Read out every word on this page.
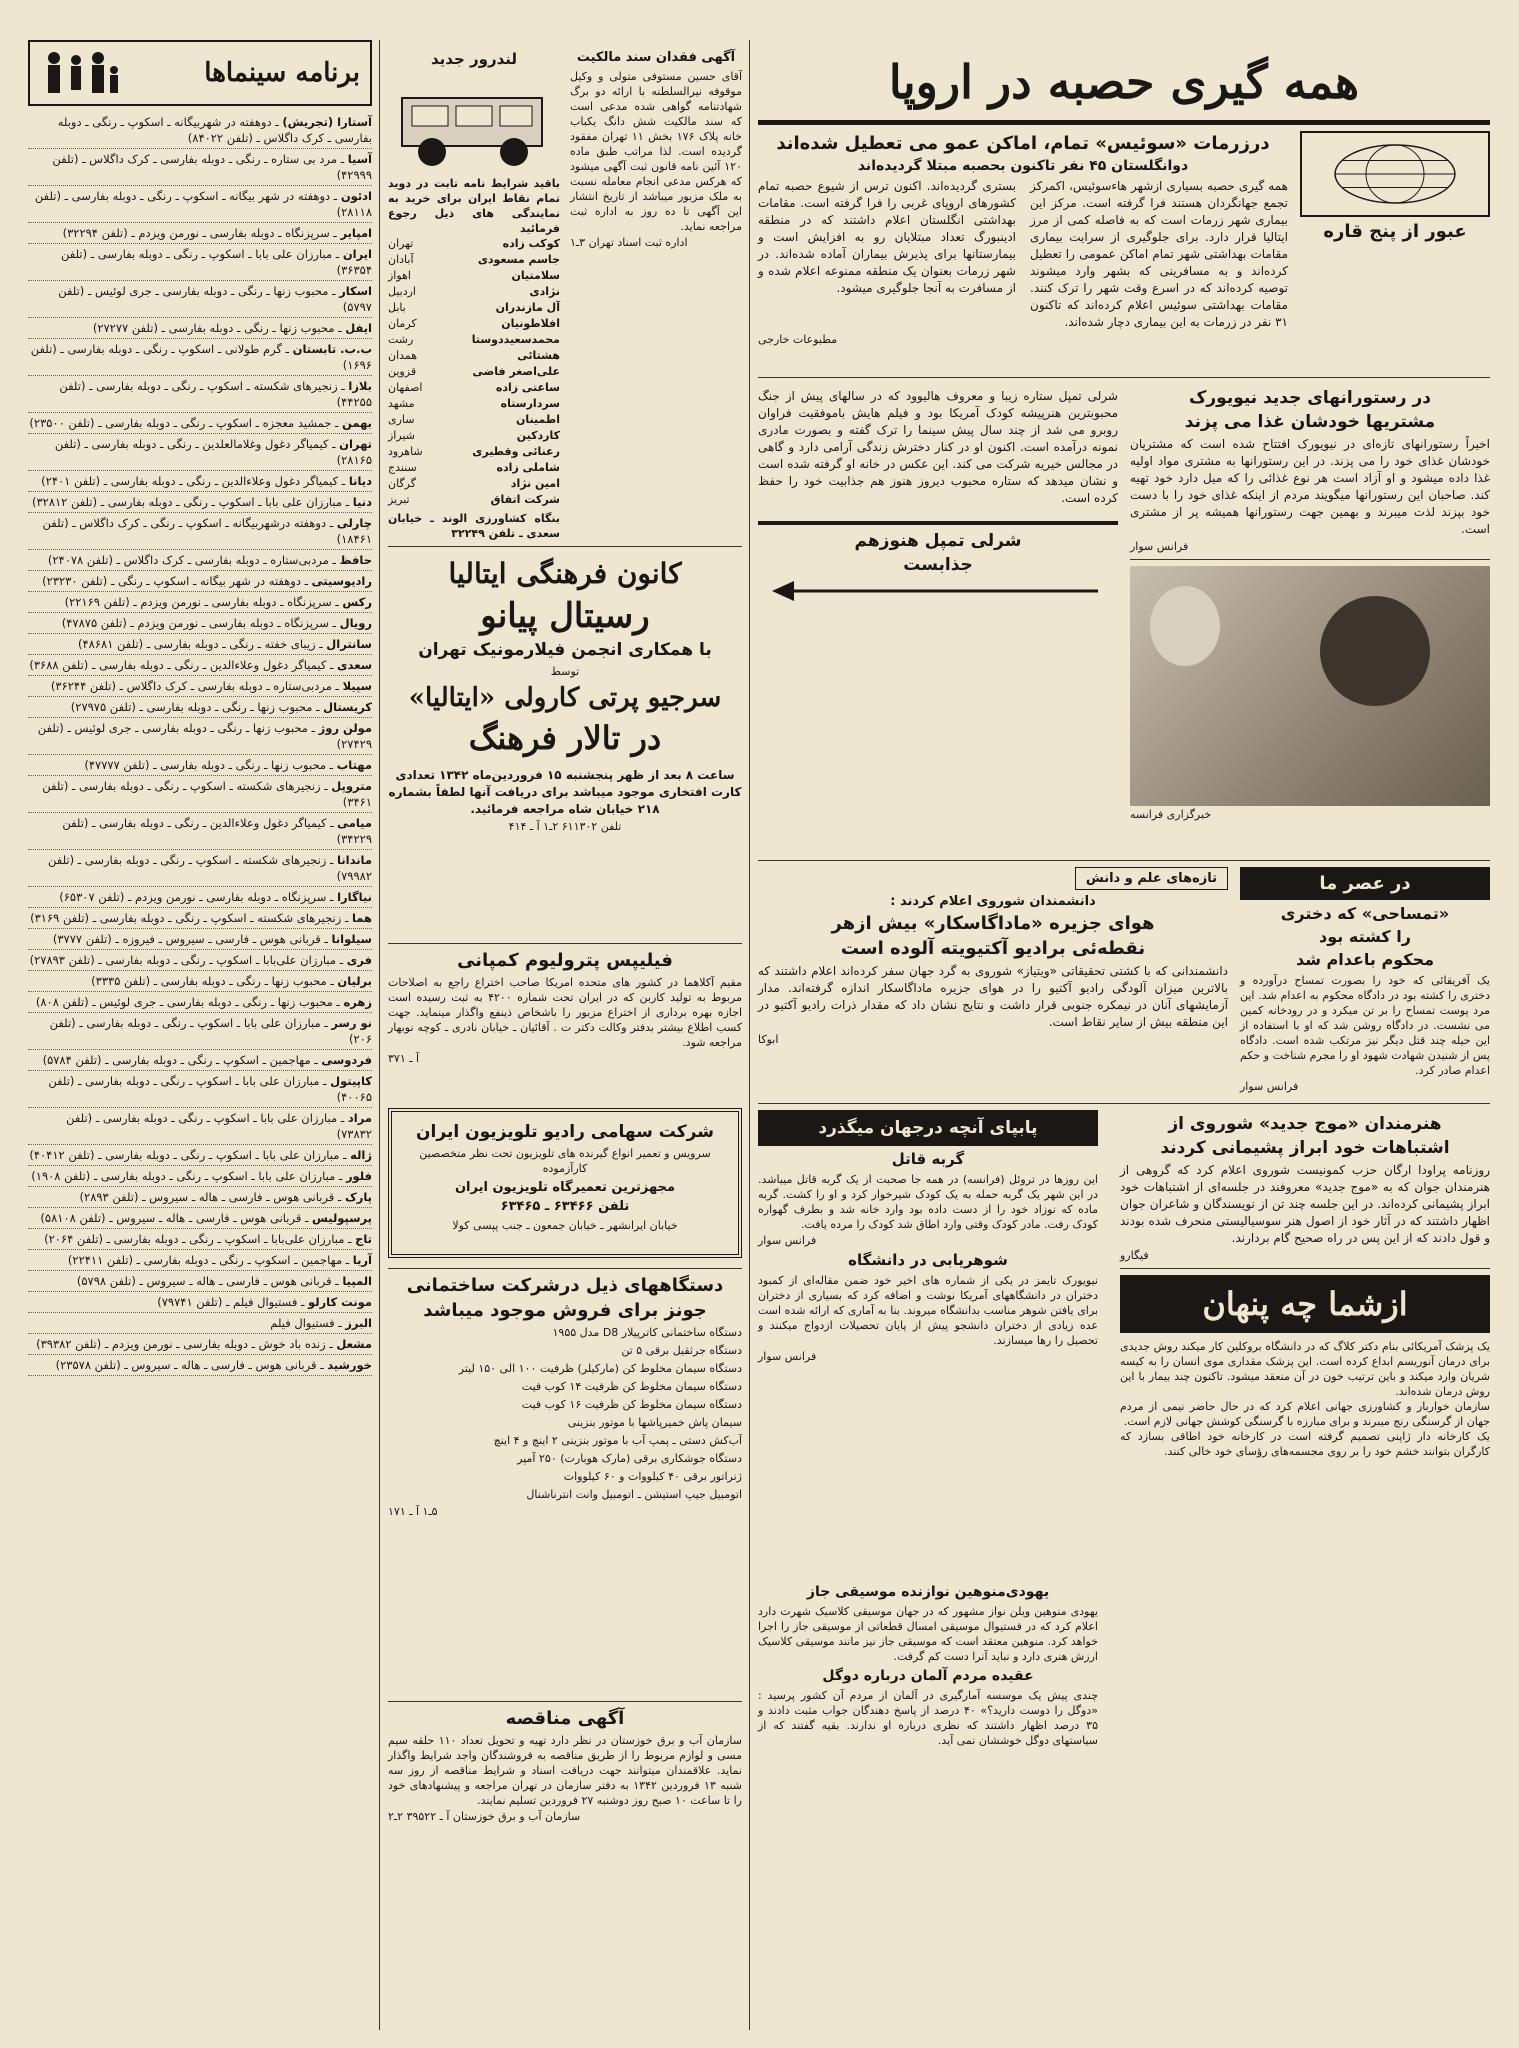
همه گیری حصبه در اروپا

عبور از پنج قاره

درزرمات «سوئیس» تمام، اماکن عمو می تعطیل شده‌اند

دوانگلستان ۴۵ نفر تاکنون بحصبه مبتلا گردیده‌اند

همه گیری حصبه بسیاری ازشهر هاءسوئیس، اکمرکز تجمع جهانگردان هستند فرا گرفته است. مرکز این بیماری شهر زرمات است که به فاصله کمی از مرز ایتالیا قرار دارد. برای جلوگیری از سرایت بیماری مقامات بهداشتی شهر تمام اماکن عمومی را تعطیل کرده‌اند و به مسافرینی که بشهر وارد میشوند توصیه کرده‌اند که در اسرع وقت شهر را ترک کنند. مقامات بهداشتی سوئیس اعلام کرده‌اند که تاکنون ۳۱ نفر در زرمات به این بیماری دچار شده‌اند.

بستری گردیده‌اند. اکنون ترس از شیوع حصبه تمام کشورهای اروپای غربی را فرا گرفته است. مقامات بهداشتی انگلستان اعلام داشتند که در منطقه ادینبورگ تعداد مبتلایان رو به افزایش است و بیمارستانها برای پذیرش بیماران آماده شده‌اند. در شهر زرمات بعنوان یک منطقه ممنوعه اعلام شده و از مسافرت به آنجا جلوگیری میشود.

مطبوعات خارجی

در رستورانهای جدید نیویورک

مشتریها خودشان غذا می پزند

اخیراً رستورانهای تازه‌ای در نیویورک افتتاح شده است که مشتریان خودشان غذای خود را می پزند. در این رستورانها به مشتری مواد اولیه غذا داده میشود و او آزاد است هر نوع غذائی را که میل دارد خود تهیه کند. صاحبان این رستورانها میگویند مردم از اینکه غذای خود را با دست خود بپزند لذت میبرند و بهمین جهت رستورانها همیشه پر از مشتری است.

فرانس سوار

خبرگزاری فرانسه

شرلی تمپل ستاره زیبا و معروف هالیوود که در سالهای پیش از جنگ محبوبترین هنرپیشه کودک آمریکا بود و فیلم هایش باموفقیت فراوان روبرو می شد از چند سال پیش سینما را ترک گفته و بصورت مادری نمونه درآمده است. اکنون او در کنار دخترش زندگی آرامی دارد و گاهی در مجالس خیریه شرکت می کند. این عکس در خانه او گرفته شده است و نشان میدهد که ستاره محبوب دیروز هنوز هم جذابیت خود را حفظ کرده است.

شرلی تمپل هنوزهم

جذابست

در عصر ما

«تمساحی» که دختری

را کشته بود

محکوم باعدام شد

یک آفریقائی که خود را بصورت تمساح درآورده و دختری را کشته بود در دادگاه محکوم به اعدام شد. این مرد پوست تمساح را بر تن میکرد و در رودخانه کمین می نشست. در دادگاه روشن شد که او با استفاده از این حیله چند قتل دیگر نیز مرتکب شده است. دادگاه پس از شنیدن شهادت شهود او را مجرم شناخت و حکم اعدام صادر کرد.

فرانس سوار

تازه‌های علم و دانش

دانشمندان شوروی اعلام کردند :

هوای جزیره «ماداگاسکار» بیش ازهر

نقطه‌ئی برادیو آکتیویته آلوده است

دانشمندانی که با کشتی تحقیقاتی «ویتیاز» شوروی به گرد جهان سفر کرده‌اند اعلام داشتند که بالاترین میزان آلودگی رادیو آکتیو را در هوای جزیره ماداگاسکار اندازه گرفته‌اند. مدار آزمایشهای آنان در نیمکره جنوبی قرار داشت و نتایج نشان داد که مقدار ذرات رادیو آکتیو در این منطقه بیش از سایر نقاط است.

ابوکا

هنرمندان «موج جدید» شوروی از

اشتباهات خود ابراز پشیمانی کردند

روزنامه پراودا ارگان حزب کمونیست شوروی اعلام کرد که گروهی از هنرمندان جوان که به «موج جدید» معروفند در جلسه‌ای از اشتباهات خود ابراز پشیمانی کرده‌اند. در این جلسه چند تن از نویسندگان و شاعران جوان اظهار داشتند که در آثار خود از اصول هنر سوسیالیستی منحرف شده بودند و قول دادند که از این پس در راه صحیح گام بردارند.

فیگارو

ازشما چه پنهان

یک پزشک آمریکائی بنام دکتر کلاگ که در دانشگاه بروکلین کار میکند روش جدیدی برای درمان آنوریسم ابداع کرده است. این پزشک مقداری موی انسان را به کیسه شریان وارد میکند و باین ترتیب خون در آن منعقد میشود. تاکنون چند بیمار با این روش درمان شده‌اند.
سازمان خواربار و کشاورزی جهانی اعلام کرد که در حال حاضر نیمی از مردم جهان از گرسنگی رنج میبرند و برای مبارزه با گرسنگی کوشش جهانی لازم است.
یک کارخانه دار ژاپنی تصمیم گرفته است در کارخانه خود اطاقی بسازد که کارگران بتوانند خشم خود را بر روی مجسمه‌های رؤسای خود خالی کنند.

پابپای آنچه درجهان میگذرد

گربه قاتل

این روزها در تروئل (فرانسه) در همه جا صحبت از یک گربه قاتل میباشد. در این شهر یک گربه حمله به یک کودک شیرخوار کرد و او را کشت. گربه ماده که نوزاد خود را از دست داده بود وارد خانه شد و بطرف گهواره کودک رفت. مادر کودک وقتی وارد اطاق شد کودک را مرده یافت.

فرانس سوار

شوهریابی در دانشگاه

نیویورک تایمز در یکی از شماره های اخیر خود ضمن مقاله‌ای از کمبود دختران در دانشگاههای آمریکا نوشت و اضافه کرد که بسیاری از دختران برای یافتن شوهر مناسب بدانشگاه میروند. بنا به آماری که ارائه شده است عده زیادی از دختران دانشجو پیش از پایان تحصیلات ازدواج میکنند و تحصیل را رها میسازند.

فرانس سوار

یهودی‌منوهین نوازنده موسیقی جاز

یهودی منوهین ویلن نواز مشهور که در جهان موسیقی کلاسیک شهرت دارد اعلام کرد که در فستیوال موسیقی امسال قطعاتی از موسیقی جاز را اجرا خواهد کرد. منوهین معتقد است که موسیقی جاز نیز مانند موسیقی کلاسیک ارزش هنری دارد و نباید آنرا دست کم گرفت.

عقیده مردم آلمان درباره دوگل

چندی پیش یک موسسه آمارگیری در آلمان از مردم آن کشور پرسید : «دوگل را دوست دارید؟» ۴۰ درصد از پاسخ دهندگان جواب مثبت دادند و ۳۵ درصد اظهار داشتند که نظری درباره او ندارند. بقیه گفتند که از سیاستهای دوگل خوششان نمی آید.

آگهی فقدان سند مالکیت

آقای حسین مستوفی متولی و وکیل موقوفه نیرالسلطنه با ارائه دو برگ شهادتنامه گواهی شده مدعی است که سند مالکیت شش دانگ یکباب خانه پلاک ۱۷۶ بخش ۱۱ تهران مفقود گردیده است. لذا مراتب طبق ماده ۱۲۰ آئین نامه قانون ثبت آگهی میشود که هرکس مدعی انجام معامله نسبت به ملک مزبور میباشد از تاریخ انتشار این آگهی تا ده روز به اداره ثبت مراجعه نماید.

اداره ثبت اسناد تهران ۳ـ۱

لندرور جدید

باقید شرایط نامه تابت در دوید تمام نقاط ایران برای خرید به نمایندگی های ذیل رجوع فرمائید

کوکب زاده
تهران
جاسم مسعودی
آبادان
سلامتیان
اهواز
نژادی
اردبیل
آل مازندران
بابل
افلاطونیان
کرمان
محمدسعیددوستا
رشت
هشتائی
همدان
علی‌اصغر فاضی
قزوین
ساعتی زاده
اصفهان
سردارستاه
مشهد
اطمینان
ساری
کاردکین
شیراز
رعنائی وقطیری
شاهرود
شاملی زاده
سنندج
امین نژاد
گرگان
شرکت اتفاق
تبریز

بنگاه کشاورزی الوند ـ خیابان سعدی ـ تلفن ۳۲۲۴۹

کانون فرهنگی ایتالیا

رسیتال پیانو

با همکاری انجمن فیلارمونیک تهران

توسط

سرجیو پرتی کارولی «ایتالیا»

در تالار فرهنگ

ساعت ۸ بعد از ظهر پنجشنبه ۱۵ فروردین‌ماه ۱۳۴۲ تعدادی کارت افتخاری موجود میباشد برای دریافت آنها لطفاً بشماره ۲۱۸ خیابان شاه مراجعه فرمائید.

تلفن ۶۱۱۳۰۲ ۲ـ۱ آ ـ ۴۱۴

فیلیپس پترولیوم کمپانی

مقیم آکلاهما در کشور های متحده امریکا صاحب اختراع راجع به اصلاحات مربوط به تولید کاربن که در ایران تحت شماره ۴۲۰۰ به ثبت رسیده است اجازه بهره برداری از اختراع مزبور را باشخاص ذینفع واگذار مینماید. جهت کسب اطلاع بیشتر بدفتر وکالت دکتر ت . آقائیان ـ خیابان نادری ـ کوچه نوبهار مراجعه شود.

آ ـ ۳۷۱

شرکت سهامی رادیو تلویزیون ایران

سرویس و تعمیر انواع گیرنده های تلویزیون تحت نظر متخصصین کارآزموده

مجهزترین تعمیرگاه تلویزیون ایران

تلفن ۶۳۴۶۶ ـ ۶۳۴۶۵

خیابان ایرانشهر ـ خیابان جمعون ـ جنب پپسی کولا

دستگاههای ذیل درشرکت ساختمانی

جونز برای فروش موجود میباشد

دستگاه ساختمانی کاترپیلار D8 مدل ۱۹۵۵

دستگاه جرثقیل برقی ۵ تن

دستگاه سیمان مخلوط کن (مارکیلر) ظرفیت ۱۰۰ الی ۱۵۰ لیتر

دستگاه سیمان مخلوط کن ظرفیت ۱۴ کوب فیت

دستگاه سیمان مخلوط کن ظرفیت ۱۶ کوب فیت

سیمان پاش خمیرپاشها با موتور بنزینی

آب‌کش دستی ـ پمپ آب با موتور بنزینی ۲ اینچ و ۴ اینچ

دستگاه جوشکاری برقی (مارک هوبارت) ۲۵۰ آمپر

ژنراتور برقی ۴۰ کیلووات و ۶۰ کیلووات

اتومبیل جیپ استیشن ـ اتومبیل وانت انترناشنال

۵ـ۱ آ ـ ۱۷۱

آگهی مناقصه

سازمان آب و برق خوزستان در نظر دارد تهیه و تحویل تعداد ۱۱۰ حلقه سیم مسی و لوازم مربوط را از طریق مناقصه به فروشندگان واجد شرایط واگذار نماید. علاقمندان میتوانند جهت دریافت اسناد و شرایط مناقصه از روز سه شنبه ۱۳ فروردین ۱۳۴۲ به دفتر سازمان در تهران مراجعه و پیشنهادهای خود را تا ساعت ۱۰ صبح روز دوشنبه ۲۷ فروردین تسلیم نمایند.

سازمان آب و برق خوزستان آ ـ ۳۹۵۲۲ ۲ـ۲

برنامه سینماها
آستارا (تجریش) ـ دوهفته در شهربیگانه ـ اسکوپ ـ رنگی ـ دوبله بفارسی ـ کرک داگلاس ـ (تلفن ۸۴۰۲۲)
آسیا ـ مرد بی ستاره ـ رنگی ـ دوبله بفارسی ـ کرک داگلاس ـ (تلفن ۴۲۹۹۹)
ادئون ـ دوهفته در شهر بیگانه ـ اسکوپ ـ رنگی ـ دوبله بفارسی ـ (تلفن ۲۸۱۱۸)
امپایر ـ سرپزنگاه ـ دوبله بفارسی ـ نورمن ویزدم ـ (تلفن ۳۲۲۹۴)
ایران ـ مبارزان علی بابا ـ اسکوپ ـ رنگی ـ دوبله بفارسی ـ (تلفن ۳۶۳۵۴)
اسکار ـ محبوب زنها ـ رنگی ـ دوبله بفارسی ـ جری لوئیس ـ (تلفن ۵۷۹۷)
ایفل ـ محبوب زنها ـ رنگی ـ دوبله بفارسی ـ (تلفن ۲۷۲۷۷)
ب.ب. تابستان ـ گرم طولانی ـ اسکوپ ـ رنگی ـ دوبله بفارسی ـ (تلفن ۱۶۹۶)
بلازا ـ زنجیرهای شکسته ـ اسکوپ ـ رنگی ـ دوبله بفارسی ـ (تلفن ۴۴۲۵۵)
بهمن ـ جمشید معجزه ـ اسکوپ ـ رنگی ـ دوبله بفارسی ـ (تلفن ۲۳۵۰۰)
تهران ـ کیمیاگر دغول وغلامالعلدین ـ رنگی ـ دوبله بفارسی ـ (تلفن ۲۸۱۶۵)
دیانا ـ کیمیاگر دغول وعلاءالدین ـ رنگی ـ دوبله بفارسی ـ (تلفن ۲۴۰۱)
دنیا ـ مبارزان علی بابا ـ اسکوپ ـ رنگی ـ دوبله بفارسی ـ (تلفن ۳۲۸۱۲)
چارلی ـ دوهفته درشهربیگانه ـ اسکوپ ـ رنگی ـ کرک داگلاس ـ (تلفن ۱۸۴۶۱)
حافظ ـ مردبی‌ستاره ـ دوبله بفارسی ـ کرک داگلاس ـ (تلفن ۲۴۰۷۸)
رادیوسیتی ـ دوهفته در شهر بیگانه ـ اسکوپ ـ رنگی ـ (تلفن ۲۳۲۳۰)
رکس ـ سرپزنگاه ـ دوبله بفارسی ـ نورمن ویزدم ـ (تلفن ۲۲۱۶۹)
رویال ـ سرپزنگاه ـ دوبله بفارسی ـ نورمن ویزدم ـ (تلفن ۴۷۸۷۵)
سانترال ـ زیبای خفته ـ رنگی ـ دوبله بفارسی ـ (تلفن ۴۸۶۸۱)
سعدی ـ کیمیاگر دغول وعلاءالدین ـ رنگی ـ دوبله بفارسی ـ (تلفن ۳۶۸۸)
سپیلا ـ مردبی‌ستاره ـ دوبله بفارسی ـ کرک داگلاس ـ (تلفن ۳۶۲۴۴)
کریستال ـ محبوب زنها ـ رنگی ـ دوبله بفارسی ـ (تلفن ۲۷۹۷۵)
مولن روژ ـ محبوب زنها ـ رنگی ـ دوبله بفارسی ـ جری لوئیس ـ (تلفن ۲۷۴۲۹)
مهتاب ـ محبوب زنها ـ رنگی ـ دوبله بفارسی ـ (تلفن ۴۷۷۷۷)
متروپل ـ زنجیرهای شکسته ـ اسکوپ ـ رنگی ـ دوبله بفارسی ـ (تلفن ۳۴۶۱)
میامی ـ کیمیاگر دغول وعلاءالدین ـ رنگی ـ دوبله بفارسی ـ (تلفن ۳۴۲۲۹)
ماندانا ـ زنجیرهای شکسته ـ اسکوپ ـ رنگی ـ دوبله بفارسی ـ (تلفن ۷۹۹۸۲)
نیاگارا ـ سرپزنگاه ـ دوبله بفارسی ـ نورمن ویزدم ـ (تلفن ۶۵۳۰۷)
هما ـ زنجیرهای شکسته ـ اسکوپ ـ رنگی ـ دوبله بفارسی ـ (تلفن ۳۱۶۹)
سیلوانا ـ قربانی هوس ـ فارسی ـ سیروس ـ فیروزه ـ (تلفن ۳۷۷۷)
فری ـ مبارزان علی‌بابا ـ اسکوپ ـ رنگی ـ دوبله بفارسی ـ (تلفن ۲۷۸۹۳)
برلیان ـ محبوب زنها ـ رنگی ـ دوبله بفارسی ـ (تلفن ۳۳۳۵)
زهره ـ محبوب زنها ـ رنگی ـ دوبله بفارسی ـ جری لوئیس ـ (تلفن ۸۰۸)
نو رسر ـ مبارزان علی بابا ـ اسکوپ ـ رنگی ـ دوبله بفارسی ـ (تلفن ۲۰۶)
فردوسی ـ مهاجمین ـ اسکوپ ـ رنگی ـ دوبله بفارسی ـ (تلفن ۵۷۸۴)
کاپیتول ـ مبارزان علی بابا ـ اسکوپ ـ رنگی ـ دوبله بفارسی ـ (تلفن ۴۰۰۶۵)
مراد ـ مبارزان علی بابا ـ اسکوپ ـ رنگی ـ دوبله بفارسی ـ (تلفن ۷۳۸۳۲)
ژاله ـ مبارزان علی بابا ـ اسکوپ ـ رنگی ـ دوبله بفارسی ـ (تلفن ۴۰۴۱۲)
فلور ـ مبارزان علی بابا ـ اسکوپ ـ رنگی ـ دوبله بفارسی ـ (تلفن ۱۹۰۸)
پارک ـ قربانی هوس ـ فارسی ـ هاله ـ سیروس ـ (تلفن ۲۸۹۳)
پرسپولیس ـ قربانی هوس ـ فارسی ـ هاله ـ سیروس ـ (تلفن ۵۸۱۰۸)
تاج ـ مبارزان علی‌بابا ـ اسکوپ ـ رنگی ـ دوبله بفارسی ـ (تلفن ۲۰۶۴)
آریا ـ مهاجمین ـ اسکوپ ـ رنگی ـ دوبله بفارسی ـ (تلفن ۲۲۴۱۱)
المپیا ـ قربانی هوس ـ فارسی ـ هاله ـ سیروس ـ (تلفن ۵۷۹۸)
مونت کارلو ـ فستیوال فیلم ـ (تلفن ۷۹۷۴۱)
البرز ـ فستیوال فیلم
مشعل ـ زنده باد خوش ـ دوبله بفارسی ـ نورمن ویزدم ـ (تلفن ۳۹۳۸۲)
خورشید ـ قربانی هوس ـ فارسی ـ هاله ـ سیروس ـ (تلفن ۲۳۵۷۸)
